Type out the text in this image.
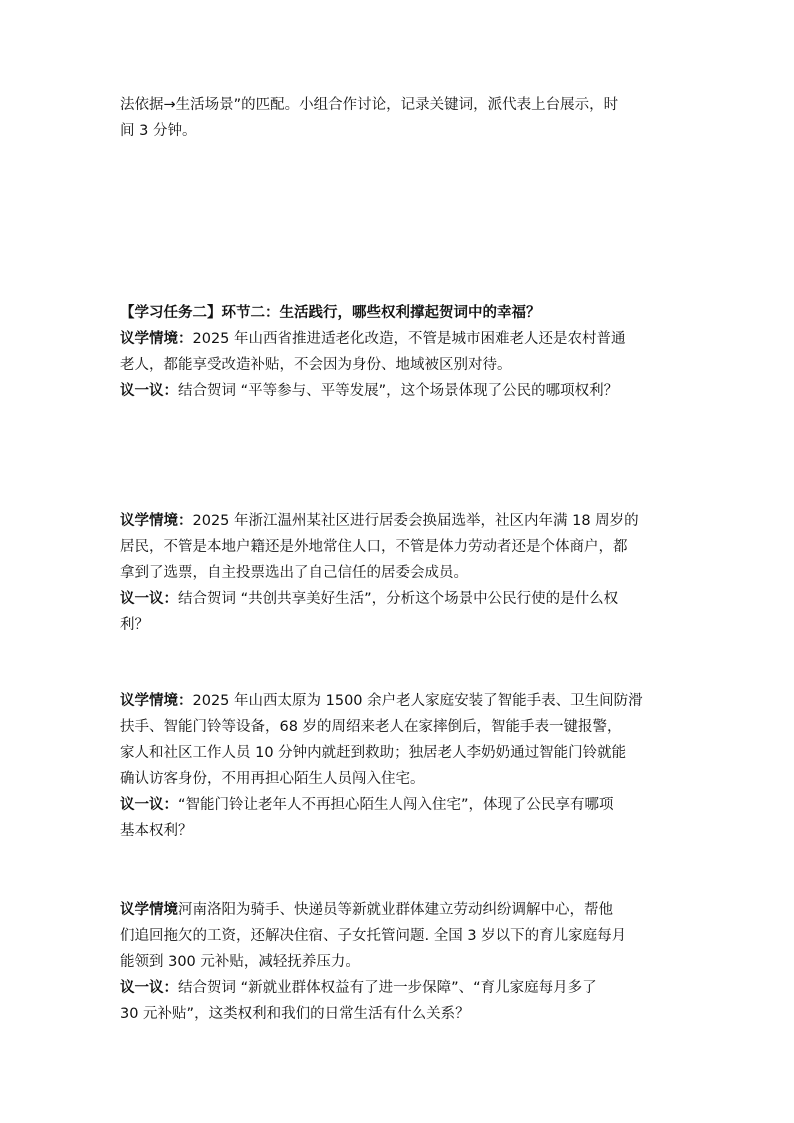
法依据→生活场景”的匹配。小组合作讨论，记录关键词，派代表上台展示，时
间 3 分钟。
【学习任务二】环节二：生活践行，哪些权利撑起贺词中的幸福？
议学情境：2025 年山西省推进适老化改造，不管是城市困难老人还是农村普通
老人，都能享受改造补贴，不会因为身份、地域被区别对待。
议一议：结合贺词 “平等参与、平等发展”，这个场景体现了公民的哪项权利？
议学情境：2025 年浙江温州某社区进行居委会换届选举，社区内年满 18 周岁的
居民，不管是本地户籍还是外地常住人口，不管是体力劳动者还是个体商户，都
拿到了选票，自主投票选出了自己信任的居委会成员。
议一议：结合贺词 “共创共享美好生活”，分析这个场景中公民行使的是什么权
利？
议学情境：2025 年山西太原为 1500 余户老人家庭安装了智能手表、卫生间防滑
扶手、智能门铃等设备，68 岁的周绍来老人在家摔倒后，智能手表一键报警，
家人和社区工作人员 10 分钟内就赶到救助；独居老人李奶奶通过智能门铃就能
确认访客身份，不用再担心陌生人员闯入住宅。
议一议：“智能门铃让老年人不再担心陌生人闯入住宅”，体现了公民享有哪项
基本权利？
议学情境河南洛阳为骑手、快递员等新就业群体建立劳动纠纷调解中心，帮他
们追回拖欠的工资，还解决住宿、子女托管问题. 全国 3 岁以下的育儿家庭每月
能领到 300 元补贴，减轻抚养压力。
议一议：结合贺词 “新就业群体权益有了进一步保障”、“育儿家庭每月多了
30 元补贴”，这类权利和我们的日常生活有什么关系？
